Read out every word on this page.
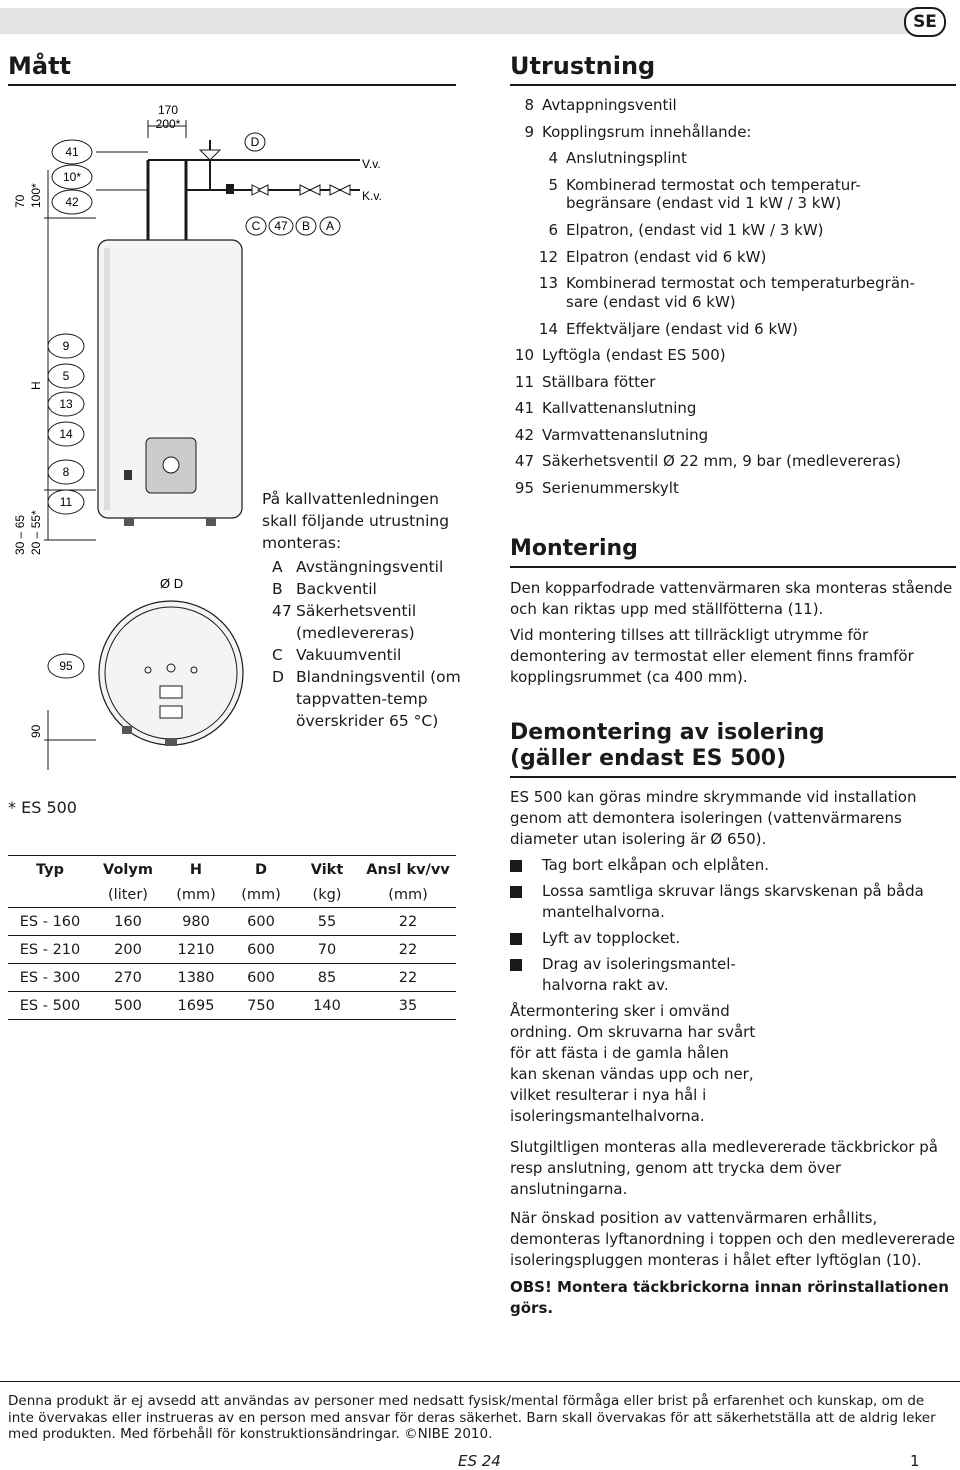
SE
Mått
170
200*
70 100*
H
30 – 65 20 – 55*
90
Ø D
41
10*
42
9
5
13
14
8
11
95
D
C 47 B A
V.v.
K.v.
På kallvattenledningen skall följande utrustning monteras:
A Avstängningsventil
B Backventil
47 Säkerhetsventil (medlevereras)
C Vakuumventil
D Blandningsventil (om tappvatten-temp överskrider 65 °C)
* ES 500
Typ	Volym	H	D	Vikt	Ansl kv/vv
	(liter)	(mm)	(mm)	(kg)	(mm)
ES - 160	160	980	600	55	22
ES - 210	200	1210	600	70	22
ES - 300	270	1380	600	85	22
ES - 500	500	1695	750	140	35
Utrustning
8 Avtappningsventil
9 Kopplingsrum innehållande:
4 Anslutningsplint
5 Kombinerad termostat och temperatur-
begränsare (endast vid 1 kW / 3 kW)
6 Elpatron, (endast vid 1 kW / 3 kW)
12 Elpatron (endast vid 6 kW)
13 Kombinerad termostat och temperaturbegrän-
sare (endast vid 6 kW)
14 Effektväljare (endast vid 6 kW)
10 Lyftögla (endast ES 500)
11 Ställbara fötter
41 Kallvattenanslutning
42 Varmvattenanslutning
47 Säkerhetsventil Ø 22 mm, 9 bar (medlevereras)
95 Serienummerskylt
Montering

Den kopparfodrade vattenvärmaren ska monteras stående och kan riktas upp med ställfötterna (11).

Vid montering tillses att tillräckligt utrymme för demontering av termostat eller element finns framför kopplingsrummet (ca 400 mm).

Demontering av isolering
(gäller endast ES 500)

ES 500 kan göras mindre skrymmande vid installation genom att demontera isoleringen (vattenvärmarens diameter utan isolering är Ø 650).

Tag bort elkåpan och elplåten.
Lossa samtliga skruvar längs skarvskenan på båda mantelhalvorna.
Lyft av topplocket.
Drag av isoleringsmantel-halvorna rakt av.

Återmontering sker i omvänd ordning. Om skruvarna har svårt för att fästa i de gamla hålen kan skenan vändas upp och ner, vilket resulterar i nya hål i isoleringsmantelhalvorna.

Slutgiltligen monteras alla medlevererade täckbrickor på resp anslutning, genom att trycka dem över anslutningarna.

När önskad position av vattenvärmaren erhållits, demonteras lyftanordning i toppen och den medlevererade isoleringspluggen monteras i hålet efter lyftöglan (10).

OBS! Montera täckbrickorna innan rörinstallationen görs.

Denna produkt är ej avsedd att användas av personer med nedsatt fysisk/mental förmåga eller brist på erfarenhet och kunskap, om de inte övervakas eller instrueras av en person med ansvar för deras säkerhet. Barn skall övervakas för att säkerhetställa att de aldrig leker med produkten. Med förbehåll för konstruktionsändringar. ©NIBE 2010.
ES 24	1
